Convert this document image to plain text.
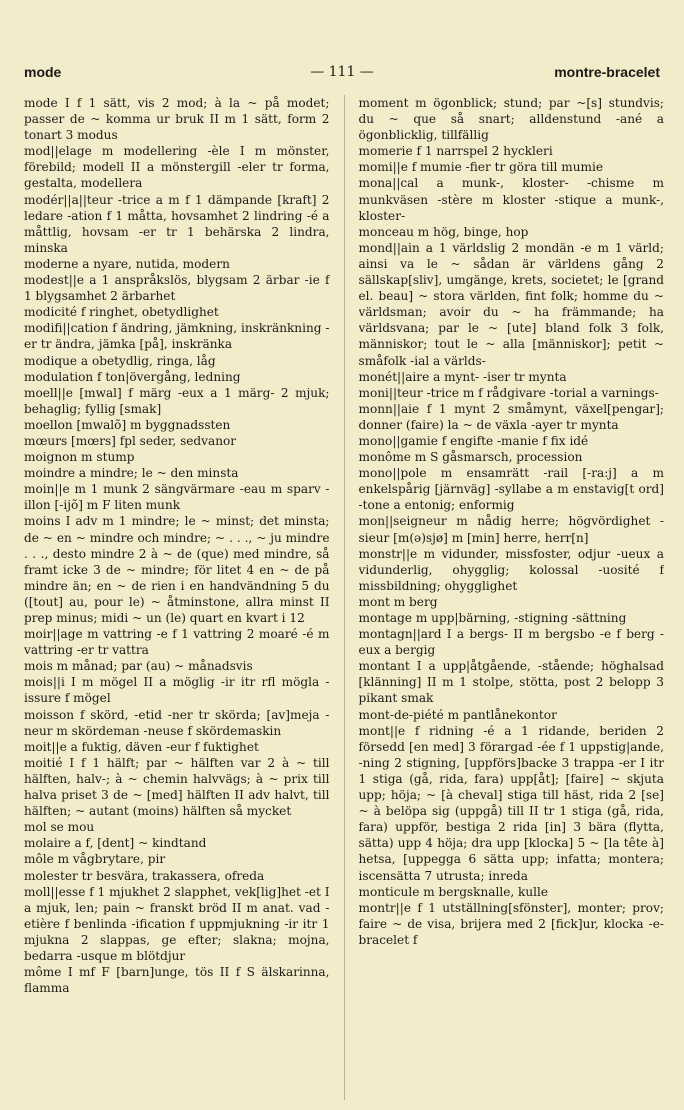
mode	— 111 —	montre-bracelet

mode I f 1 sätt, vis 2 mod; à la ~ på modet; passer de ~ komma ur bruk II m 1 sätt, form 2 tonart 3 modus

mod||elage m modellering -èle I m mönster, förebild; modell II a mönstergill -eler tr forma, gestalta, modellera

modér||a||teur -trice a m f 1 dämpande [kraft] 2 ledare -ation f 1 måtta, hovsamhet 2 lindring -é a måttlig, hovsam -er tr 1 behärska 2 lindra, minska

moderne a nyare, nutida, modern

modest||e a 1 anspråkslös, blygsam 2 ärbar -ie f 1 blygsamhet 2 ärbarhet

modicité f ringhet, obetydlighet

modifi||cation f ändring, jämkning, inskränkning -er tr ändra, jämka [på], inskränka

modique a obetydlig, ringa, låg

modulation f ton|övergång, ledning

moell||e [mwal] f märg -eux a 1 märg- 2 mjuk; behaglig; fyllig [smak]

moellon [mwalõ] m byggnadssten

mœurs [mœrs] fpl seder, sedvanor

moignon m stump

moindre a mindre; le ~ den minsta

moin||e m 1 munk 2 sängvärmare -eau m sparv -illon [-ijõ] m F liten munk

moins I adv m 1 mindre; le ~ minst; det minsta; de ~ en ~ mindre och mindre; ~ . . ., ~ ju mindre . . ., desto mindre 2 à ~ de (que) med mindre, så framt icke 3 de ~ mindre; för litet 4 en ~ de på mindre än; en ~ de rien i en handvändning 5 du ([tout] au, pour le) ~ åtminstone, allra minst II prep minus; midi ~ un (le) quart en kvart i 12

moir||age m vattring -e f 1 vattring 2 moaré -é m vattring -er tr vattra

mois m månad; par (au) ~ månadsvis

mois||i I m mögel II a möglig -ir itr rfl mögla -issure f mögel

moisson f skörd, -etid -ner tr skörda; [av]meja -neur m skördeman -neuse f skördemaskin

moit||e a fuktig, däven -eur f fuktighet

moitié I f 1 hälft; par ~ hälften var 2 à ~ till hälften, halv-; à ~ chemin halvvägs; à ~ prix till halva priset 3 de ~ [med] hälften II adv halvt, till hälften; ~ autant (moins) hälften så mycket

mol se mou

molaire a f, [dent] ~ kindtand

môle m vågbrytare, pir

molester tr besvära, trakassera, ofreda

moll||esse f 1 mjukhet 2 slapphet, vek[lig]het -et I a mjuk, len; pain ~ franskt bröd II m anat. vad -etière f benlinda -ification f uppmjukning -ir itr 1 mjukna 2 slappas, ge efter; slakna; mojna, bedarra -usque m blötdjur

môme I mf F [barn]unge, tös II f S älskarinna, flamma

moment m ögonblick; stund; par ~[s] stundvis; du ~ que så snart; alldenstund -ané a ögonblicklig, tillfällig

momerie f 1 narrspel 2 hyckleri

momi||e f mumie -fier tr göra till mumie

mona||cal a munk-, kloster- -chisme m munkväsen -stère m kloster -stique a munk-, kloster-

monceau m hög, binge, hop

mond||ain a 1 världslig 2 mondän -e m 1 värld; ainsi va le ~ sådan är världens gång 2 sällskap[sliv], umgänge, krets, societet; le [grand el. beau] ~ stora världen, fint folk; homme du ~ världsman; avoir du ~ ha främmande; ha världsvana; par le ~ [ute] bland folk 3 folk, människor; tout le ~ alla [människor]; petit ~ småfolk -ial a världs-

monét||aire a mynt- -iser tr mynta

moni||teur -trice m f rådgivare -torial a varnings-

monn||aie f 1 mynt 2 småmynt, växel[pengar]; donner (faire) la ~ de växla -ayer tr mynta

mono||gamie f engifte -manie f fix idé

monôme m S gåsmarsch, procession

mono||pole m ensamrätt -rail [-ra:j] a m enkelspårig [järnväg] -syllabe a m enstavig[t ord] -tone a entonig; enformig

mon||seigneur m nådig herre; högvördighet -sieur [m(ə)sjø] m [min] herre, herr[n]

monstr||e m vidunder, missfoster, odjur -ueux a vidunderlig, ohygglig; kolossal -uosité f missbildning; ohygglighet

mont m berg

montage m upp|bärning, -stigning -sättning

montagn||ard I a bergs- II m bergsbo -e f berg -eux a bergig

montant I a upp|åtgående, -stående; höghalsad [klänning] II m 1 stolpe, stötta, post 2 belopp 3 pikant smak

mont-de-piété m pantlånekontor

mont||e f ridning -é a 1 ridande, beriden 2 försedd [en med] 3 förargad -ée f 1 uppstig|ande, -ning 2 stigning, [uppförs]backe 3 trappa -er I itr 1 stiga (gå, rida, fara) upp[åt]; [faire] ~ skjuta upp; höja; ~ [à cheval] stiga till häst, rida 2 [se] ~ à belöpa sig (uppgå) till II tr 1 stiga (gå, rida, fara) uppför, bestiga 2 rida [in] 3 bära (flytta, sätta) upp 4 höja; dra upp [klocka] 5 ~ [la tête à] hetsa, [uppeggа 6 sätta upp; infatta; montera; iscensätta 7 utrusta; inreda

monticule m bergsknalle, kulle

montr||e f 1 utställning[sfönster], monter; prov; faire ~ de visa, brijera med 2 [fick]ur, klocka -e-bracelet f
